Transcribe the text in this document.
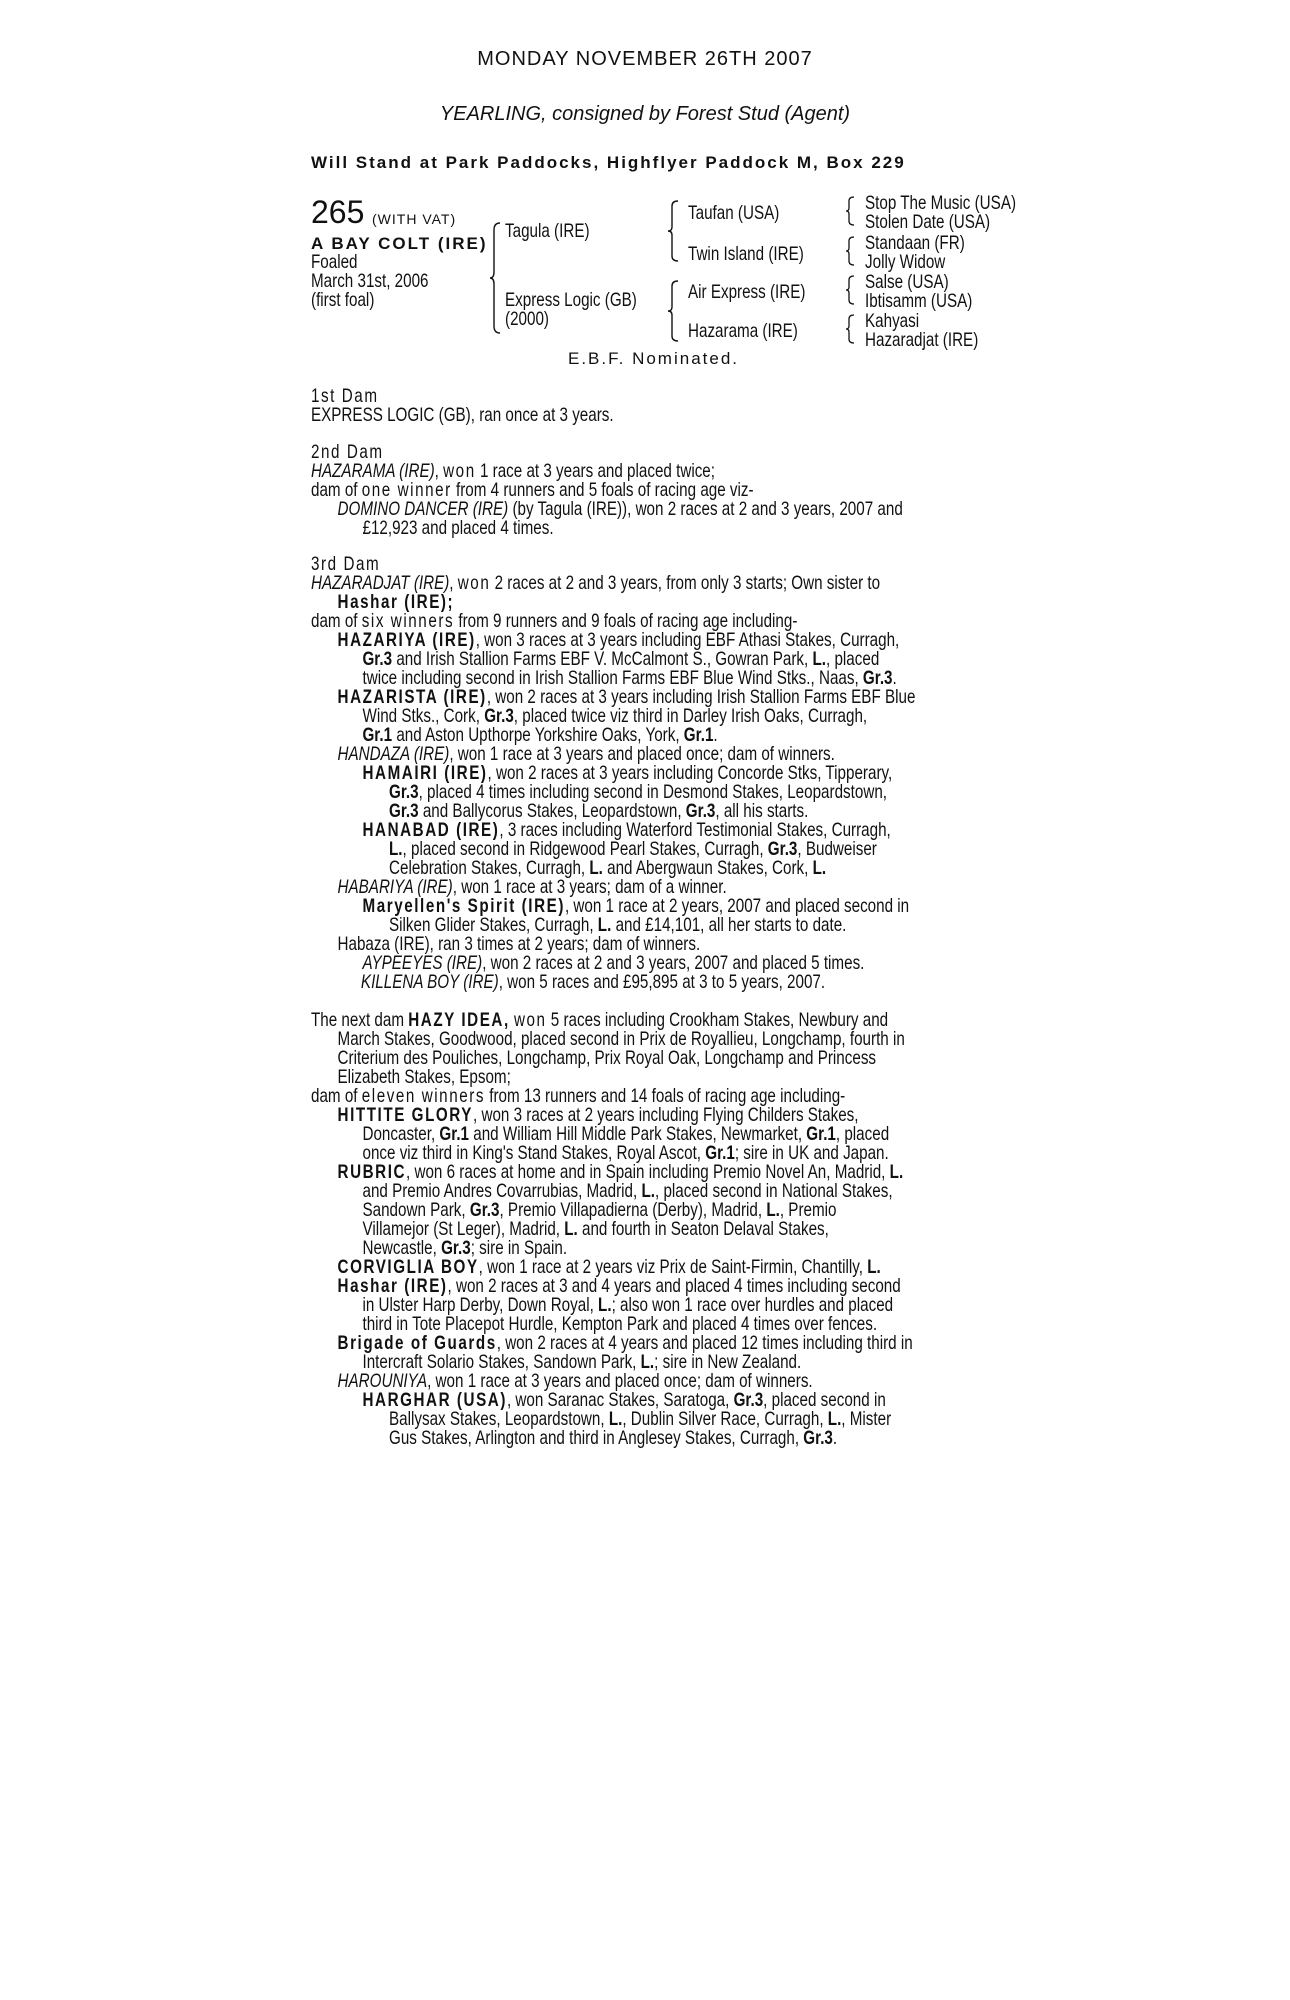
MONDAY NOVEMBER 26TH 2007
YEARLING, consigned by Forest Stud (Agent)
Will Stand at Park Paddocks, Highflyer Paddock M, Box 229
265 (WITH VAT)
A BAY COLT (IRE)
Foaled
March 31st, 2006
(first foal)
Tagula (IRE)
Express Logic (GB)
(2000)
Taufan (USA)
Twin Island (IRE)
Air Express (IRE)
Hazarama (IRE)
Stop The Music (USA)
Stolen Date (USA)
Standaan (FR)
Jolly Widow
Salse (USA)
Ibtisamm (USA)
Kahyasi
Hazaradjat (IRE)
E.B.F. Nominated.
1st Dam
EXPRESS LOGIC (GB), ran once at 3 years.
2nd Dam
HAZARAMA (IRE), won 1 race at 3 years and placed twice;
dam of one winner from 4 runners and 5 foals of racing age viz-
DOMINO DANCER (IRE) (by Tagula (IRE)), won 2 races at 2 and 3 years, 2007 and
£12,923 and placed 4 times.
3rd Dam
HAZARADJAT (IRE), won 2 races at 2 and 3 years, from only 3 starts; Own sister to
Hashar (IRE);
dam of six winners from 9 runners and 9 foals of racing age including-
HAZARIYA (IRE), won 3 races at 3 years including EBF Athasi Stakes, Curragh,
Gr.3 and Irish Stallion Farms EBF V. McCalmont S., Gowran Park, L., placed
twice including second in Irish Stallion Farms EBF Blue Wind Stks., Naas, Gr.3.
HAZARISTA (IRE), won 2 races at 3 years including Irish Stallion Farms EBF Blue
Wind Stks., Cork, Gr.3, placed twice viz third in Darley Irish Oaks, Curragh,
Gr.1 and Aston Upthorpe Yorkshire Oaks, York, Gr.1.
HANDAZA (IRE), won 1 race at 3 years and placed once; dam of winners.
HAMAIRI (IRE), won 2 races at 3 years including Concorde Stks, Tipperary,
Gr.3, placed 4 times including second in Desmond Stakes, Leopardstown,
Gr.3 and Ballycorus Stakes, Leopardstown, Gr.3, all his starts.
HANABAD (IRE), 3 races including Waterford Testimonial Stakes, Curragh,
L., placed second in Ridgewood Pearl Stakes, Curragh, Gr.3, Budweiser
Celebration Stakes, Curragh, L. and Abergwaun Stakes, Cork, L.
HABARIYA (IRE), won 1 race at 3 years; dam of a winner.
Maryellen's Spirit (IRE), won 1 race at 2 years, 2007 and placed second in
Silken Glider Stakes, Curragh, L. and £14,101, all her starts to date.
Habaza (IRE), ran 3 times at 2 years; dam of winners.
AYPEEYES (IRE), won 2 races at 2 and 3 years, 2007 and placed 5 times.
KILLENA BOY (IRE), won 5 races and £95,895 at 3 to 5 years, 2007.
The next dam HAZY IDEA, won 5 races including Crookham Stakes, Newbury and
March Stakes, Goodwood, placed second in Prix de Royallieu, Longchamp, fourth in
Criterium des Pouliches, Longchamp, Prix Royal Oak, Longchamp and Princess
Elizabeth Stakes, Epsom;
dam of eleven winners from 13 runners and 14 foals of racing age including-
HITTITE GLORY, won 3 races at 2 years including Flying Childers Stakes,
Doncaster, Gr.1 and William Hill Middle Park Stakes, Newmarket, Gr.1, placed
once viz third in King's Stand Stakes, Royal Ascot, Gr.1; sire in UK and Japan.
RUBRIC, won 6 races at home and in Spain including Premio Novel An, Madrid, L.
and Premio Andres Covarrubias, Madrid, L., placed second in National Stakes,
Sandown Park, Gr.3, Premio Villapadierna (Derby), Madrid, L., Premio
Villamejor (St Leger), Madrid, L. and fourth in Seaton Delaval Stakes,
Newcastle, Gr.3; sire in Spain.
CORVIGLIA BOY, won 1 race at 2 years viz Prix de Saint-Firmin, Chantilly, L.
Hashar (IRE), won 2 races at 3 and 4 years and placed 4 times including second
in Ulster Harp Derby, Down Royal, L.; also won 1 race over hurdles and placed
third in Tote Placepot Hurdle, Kempton Park and placed 4 times over fences.
Brigade of Guards, won 2 races at 4 years and placed 12 times including third in
Intercraft Solario Stakes, Sandown Park, L.; sire in New Zealand.
HAROUNIYA, won 1 race at 3 years and placed once; dam of winners.
HARGHAR (USA), won Saranac Stakes, Saratoga, Gr.3, placed second in
Ballysax Stakes, Leopardstown, L., Dublin Silver Race, Curragh, L., Mister
Gus Stakes, Arlington and third in Anglesey Stakes, Curragh, Gr.3.
